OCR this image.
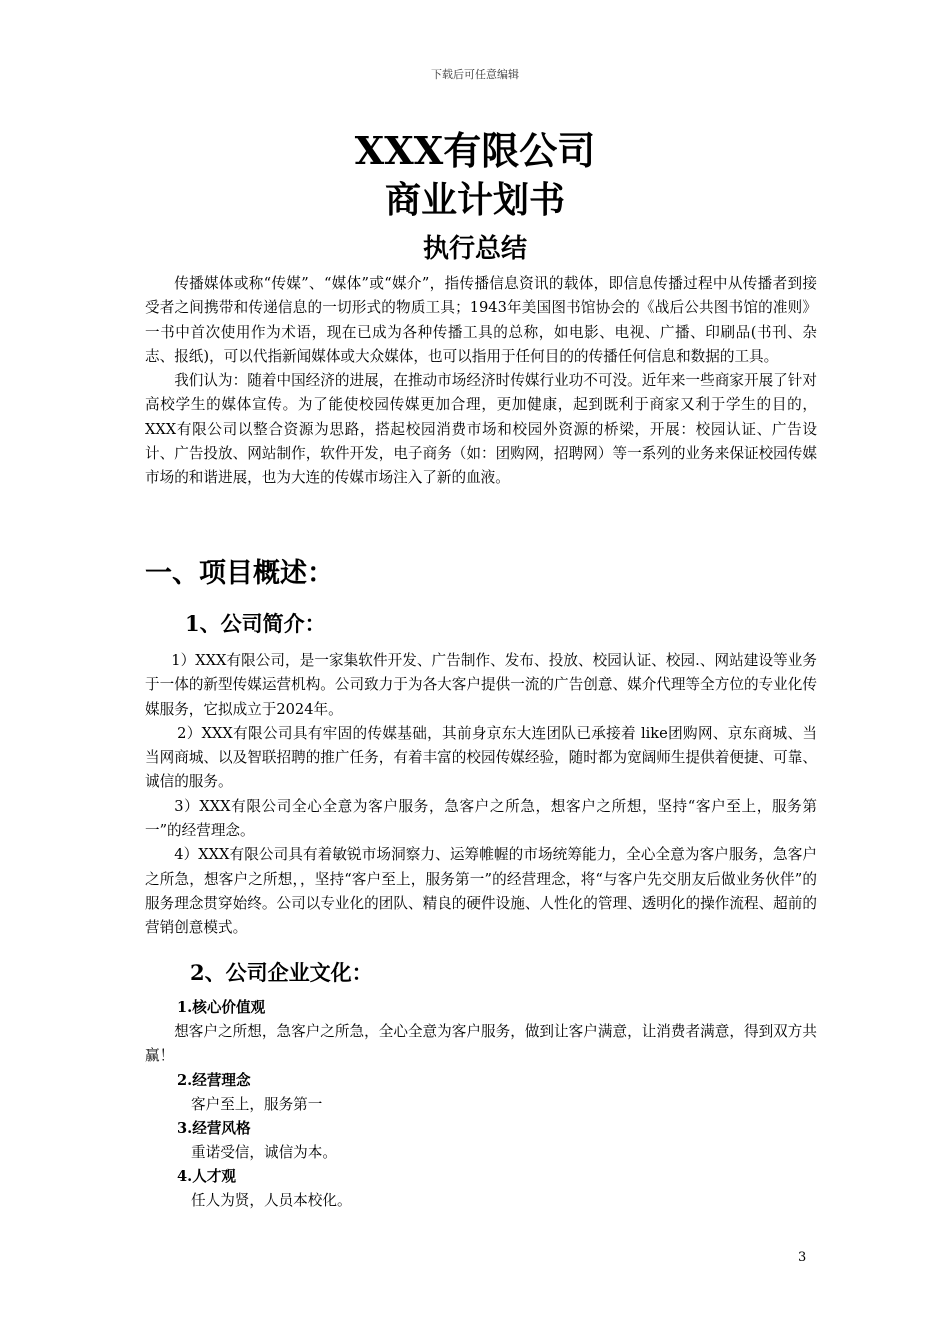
下载后可任意编辑
XXX有限公司
商业计划书
执行总结

传播媒体或称“传媒”、“媒体”或“媒介”，指传播信息资讯的载体，即信息传播过程中从传播者到接受者之间携带和传递信息的一切形式的物质工具；1943年美国图书馆协会的《战后公共图书馆的准则》一书中首次使用作为术语，现在已成为各种传播工具的总称，如电影、电视、广播、印刷品(书刊、杂志、报纸)，可以代指新闻媒体或大众媒体，也可以指用于任何目的的传播任何信息和数据的工具。

我们认为：随着中国经济的进展，在推动市场经济时传媒行业功不可没。近年来一些商家开展了针对高校学生的媒体宣传。为了能使校园传媒更加合理，更加健康，起到既利于商家又利于学生的目的，XXX有限公司以整合资源为思路，搭起校园消费市场和校园外资源的桥梁，开展：校园认证、广告设计、广告投放、网站制作，软件开发，电子商务（如：团购网，招聘网）等一系列的业务来保证校园传媒市场的和谐进展，也为大连的传媒市场注入了新的血液。

一、项目概述：
1、公司简介：

1）XXX有限公司，是一家集软件开发、广告制作、发布、投放、校园认证、校园.、网站建设等业务于一体的新型传媒运营机构。公司致力于为各大客户提供一流的广告创意、媒介代理等全方位的专业化传媒服务，它拟成立于2024年。

2）XXX有限公司具有牢固的传媒基础，其前身京东大连团队已承接着 like团购网、京东商城、当当网商城、以及智联招聘的推广任务，有着丰富的校园传媒经验，随时都为宽阔师生提供着便捷、可靠、诚信的服务。

3）XXX有限公司全心全意为客户服务，急客户之所急，想客户之所想，坚持“客户至上，服务第一”的经营理念。

4）XXX有限公司具有着敏锐市场洞察力、运筹帷幄的市场统筹能力，全心全意为客户服务，急客户之所急，想客户之所想，，坚持“客户至上，服务第一”的经营理念，将“与客户先交朋友后做业务伙伴”的服务理念贯穿始终。公司以专业化的团队、精良的硬件设施、人性化的管理、透明化的操作流程、超前的营销创意模式。

2、公司企业文化：
1.核心价值观

想客户之所想，急客户之所急，全心全意为客户服务，做到让客户满意，让消费者满意，得到双方共赢！

2.经营理念
客户至上，服务第一
3.经营风格
重诺受信，诚信为本。
4.人才观
任人为贤，人员本校化。
3
